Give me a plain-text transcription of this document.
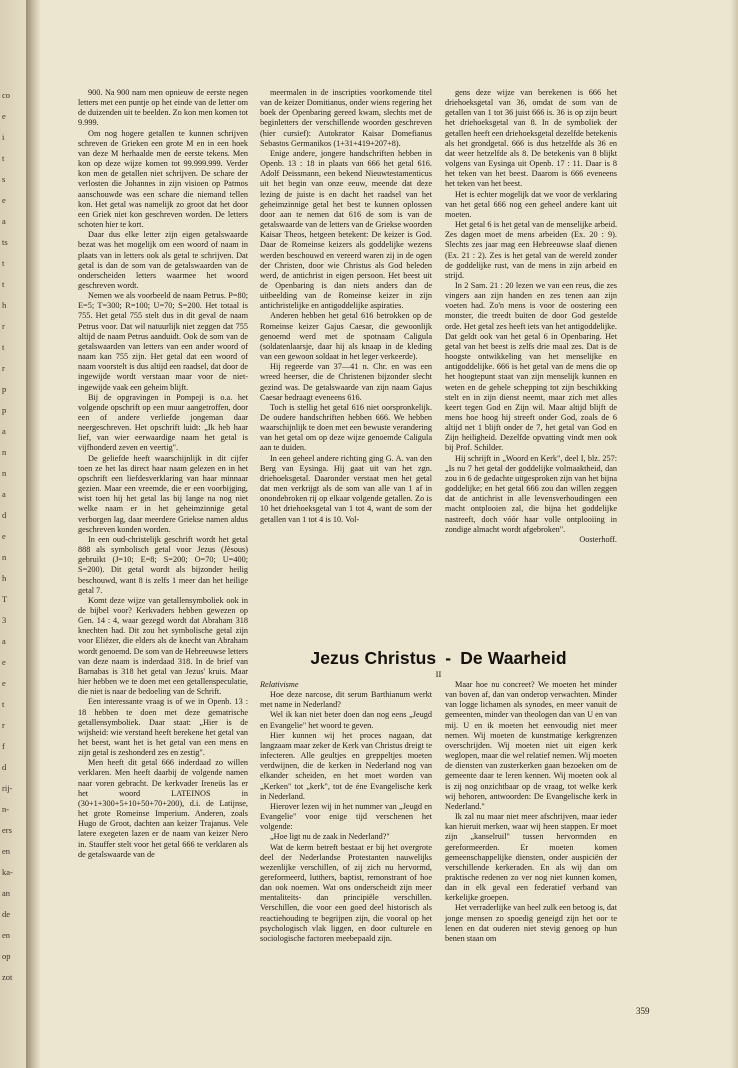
co
e
i
t
s
e
a
ts
t
t
h
r
t
r
p
p
a
n
n
a
d
e
n
h
T
3
a
e
e
t
r
f
d
rij-
n-
ers
en
ka-
an
de
en
op
zot

900. Na 900 nam men opnieuw de eerste negen letters met een puntje op het einde van de letter om de duizenden uit te beelden. Zo kon men komen tot 9.999.

Om nog hogere getallen te kunnen schrijven schreven de Grieken een grote M en in een hoek van deze M herhaalde men de eerste tekens. Men kon op deze wijze komen tot 99.999.999. Verder kon men de getallen niet schrijven. De schare der verlosten die Johannes in zijn visioen op Patmos aanschouwde was een schare die niemand tellen kon. Het getal was namelijk zo groot dat het door een Griek niet kon geschreven worden. De letters schoten hier te kort.

Daar dus elke letter zijn eigen getalswaarde bezat was het mogelijk om een woord of naam in plaats van in letters ook als getal te schrijven. Dat getal is dan de som van de getalswaarden van de onderscheiden letters waarmee het woord geschreven wordt.

Nemen we als voorbeeld de naam Petrus. P=80; E=5; T=300; R=100; U=70; S=200. Het totaal is 755. Het getal 755 stelt dus in dit geval de naam Petrus voor. Dat wil natuurlijk niet zeggen dat 755 altijd de naam Petrus aanduidt. Ook de som van de getalswaarden van letters van een ander woord of naam kan 755 zijn. Het getal dat een woord of naam voorstelt is dus altijd een raadsel, dat door de ingewijde wordt verstaan maar voor de niet-ingewijde vaak een geheim blijft.

Bij de opgravingen in Pompeji is o.a. het volgende opschrift op een muur aangetroffen, door een of andere verliefde jongeman daar neergeschreven. Het opschrift luidt: „Ik heb haar lief, van wier eerwaardige naam het getal is vijfhonderd zeven en veertig".

De geliefde heeft waarschijnlijk in dit cijfer toen ze het las direct haar naam gelezen en in het opschrift een liefdesverklaring van haar minnaar gezien. Maar een vreemde, die er een voorbijging, wist toen hij het getal las bij lange na nog niet welke naam er in het geheimzinnige getal verborgen lag, daar meerdere Griekse namen aldus geschreven konden worden.

In een oud-christelijk geschrift wordt het getal 888 als symbolisch getal voor Jezus (Jèsous) gebruikt (J=10; E=8; S=200; O=70; U=400; S=200). Dit getal wordt als bijzonder heilig beschouwd, want 8 is zelfs 1 meer dan het heilige getal 7.

Komt deze wijze van getallensymboliek ook in de bijbel voor? Kerkvaders hebben gewezen op Gen. 14 : 4, waar gezegd wordt dat Abraham 318 knechten had. Dit zou het symbolische getal zijn voor Eliëzer, die elders als de knecht van Abraham wordt genoemd. De som van de Hebreeuwse letters van deze naam is inderdaad 318. In de brief van Barnabas is 318 het getal van Jezus' kruis. Maar hier hebben we te doen met een getallenspeculatie, die niet is naar de bedoeling van de Schrift.

Een interessante vraag is of we in Openb. 13 : 18 hebben te doen met deze gematrische getallensymboliek. Daar staat: „Hier is de wijsheid: wie verstand heeft berekene het getal van het beest, want het is het getal van een mens en zijn getal is zeshonderd zes en zestig".

Men heeft dit getal 666 inderdaad zo willen verklaren. Men heeft daarbij de volgende namen naar voren gebracht. De kerkvader Ireneüs las er het woord LATEINOS in (30+1+300+5+10+50+70+200), d.i. de Latijnse, het grote Romeinse Imperium. Anderen, zoals Hugo de Groot, dachten aan keizer Trajanus. Vele latere exegeten lazen er de naam van keizer Nero in. Stauffer stelt voor het getal 666 te verklaren als de getalswaarde van de

meermalen in de inscripties voorkomende titel van de keizer Domitianus, onder wiens regering het boek der Openbaring gereed kwam, slechts met de beginletters der verschillende woorden geschreven (hier cursief): Autokrator Kaisar Domefianus Sebastos Germanikos (1+31+419+207+8).

Enige andere, jongere handschriften hebben in Openb. 13 : 18 in plaats van 666 het getal 616. Adolf Deissmann, een bekend Nieuwtestamenticus uit het begin van onze eeuw, meende dat deze lezing de juiste is en dacht het raadsel van het geheimzinnige getal het best te kunnen oplossen door aan te nemen dat 616 de som is van de getalswaarde van de letters van de Griekse woorden Kaisar Theos, hetgeen betekent: De keizer is God. Daar de Romeinse keizers als goddelijke wezens werden beschouwd en vereerd waren zij in de ogen der Christen, door wie Christus als God beleden werd, de antichrist in eigen persoon. Het beest uit de Openbaring is dan niets anders dan de uitbeelding van de Romeinse keizer in zijn antichristelijke en antigoddelijke aspiraties.

Anderen hebben het getal 616 betrokken op de Romeinse keizer Gajus Caesar, die gewoonlijk genoemd werd met de spotnaam Caligula (soldatenlaarsje, daar hij als knaap in de kleding van een gewoon soldaat in het leger verkeerde).

Hij regeerde van 37—41 n. Chr. en was een wreed heerser, die de Christenen bijzonder slecht gezind was. De getalswaarde van zijn naam Gajus Caesar bedraagt eveneens 616.

Toch is stellig het getal 616 niet oorspronkelijk. De oudere handschriften hebben 666. We hebben waarschijnlijk te doen met een bewuste verandering van het getal om op deze wijze genoemde Caligula aan te duiden.

In een geheel andere richting ging G. A. van den Berg van Eysinga. Hij gaat uit van het zgn. driehoeksgetal. Daaronder verstaat men het getal dat men verkrijgt als de som van alle van 1 af in onondebroken rij op elkaar volgende getallen. Zo is 10 het driehoeksgetal van 1 tot 4, want de som der getallen van 1 tot 4 is 10. Vol-

gens deze wijze van berekenen is 666 het driehoeksgetal van 36, omdat de som van de getallen van 1 tot 36 juist 666 is. 36 is op zijn beurt het driehoeksgetal van 8. In de symboliek der getallen heeft een driehoeksgetal dezelfde betekenis als het grondgetal. 666 is dus hetzelfde als 36 en dat weer hetzelfde als 8. De betekenis van 8 blijkt volgens van Eysinga uit Openb. 17 : 11. Daar is 8 het teken van het beest. Daarom is 666 eveneens het teken van het beest.

Het is echter mogelijk dat we voor de verklaring van het getal 666 nog een geheel andere kant uit moeten.

Het getal 6 is het getal van de menselijke arbeid. Zes dagen moet de mens arbeiden (Ex. 20 : 9). Slechts zes jaar mag een Hebreeuwse slaaf dienen (Ex. 21 : 2). Zes is het getal van de wereld zonder de goddelijke rust, van de mens in zijn arbeid en strijd.

In 2 Sam. 21 : 20 lezen we van een reus, die zes vingers aan zijn handen en zes tenen aan zijn voeten had. Zo'n mens is voor de oostering een monster, die treedt buiten de door God gestelde orde. Het getal zes heeft iets van het antigoddelijke. Dat geldt ook van het getal 6 in Openbaring. Het getal van het beest is zelfs drie maal zes. Dat is de hoogste ontwikkeling van het menselijke en antigoddelijke. 666 is het getal van de mens die op het hoogtepunt staat van zijn menselijk kunnen en weten en de gehele schepping tot zijn beschikking stelt en in zijn dienst neemt, maar zich met alles keert tegen God en Zijn wil. Maar altijd blijft de mens hoe hoog hij streeft onder God, zoals de 6 altijd net 1 blijft onder de 7, het getal van God en Zijn heiligheid. Dezelfde opvatting vindt men ook bij Prof. Schilder.

Hij schrijft in „Woord en Kerk", deel I, blz. 257: „Is nu 7 het getal der goddelijke volmaaktheid, dan zou in 6 de gedachte uitgesproken zijn van het bijna goddelijke; en het getal 666 zou dan willen zeggen dat de antichrist in alle levensverhoudingen een macht ontplooien zal, die bijna het goddelijke nastreeft, doch vóór haar volle ontplooiing in zondige almacht wordt afgebroken".

Oosterhoff.

Jezus Christus - De Waarheid
II

Relativisme

Hoe deze narcose, dit serum Barthianum werkt met name in Nederland?

Wel ik kan niet beter doen dan nog eens „Jeugd en Evangelie" het woord te geven.

Hier kunnen wij het proces nagaan, dat langzaam maar zeker de Kerk van Christus dreigt te infecteren. Alle geultjes en greppeltjes moeten verdwijnen, die de kerken in Nederland nog van elkander scheiden, en het moet worden van „Kerken" tot „kerk", tot de éne Evangelische kerk in Nederland.

Hierover lezen wij in het nummer van „Jeugd en Evangelie" voor enige tijd verschenen het volgende:

„Hoe ligt nu de zaak in Nederland?"

Wat de kerm betreft bestaat er bij het overgrote deel der Nederlandse Protestanten nauwelijks wezenlijke verschillen, of zij zich nu hervormd, gereformeerd, lutthers, baptist, remonstrant of hoe dan ook noemen. Wat ons onderscheidt zijn meer mentaliteits- dan principiële verschillen. Verschillen, die voor een goed deel historisch als reactiehouding te begrijpen zijn, die vooral op het psychologisch vlak liggen, en door culturele en sociologische factoren meebepaald zijn.

Maar hoe nu concreet? We moeten het minder van boven af, dan van onderop verwachten. Minder van logge lichamen als synodes, en meer vanuit de gemeenten, minder van theologen dan van U en van mij. U en ik moeten het eenvoudig niet meer nemen. Wij moeten de kunstmatige kerkgrenzen overschrijden. Wij moeten niet uit eigen kerk weglopen, maar die wel relatief nemen. Wij moeten de diensten van zusterkerken gaan bezoeken om de gemeente daar te leren kennen. Wij moeten ook al is zij nog onzichtbaar op de vraag, tot welke kerk wij behoren, antwoorden: De Evangelische kerk in Nederland."

Ik zal nu maar niet meer afschrijven, maar ieder kan hieruit merken, waar wij heen stappen. Er moet zijn „kanselruil" tussen hervormden en gereformeerden. Er moeten komen gemeenschappelijke diensten, onder auspiciën der verschillende kerkeraden. En als wij dan om praktische redenen zo ver nog niet kunnen komen, dan in elk geval een federatief verband van kerkelijke groepen.

Het verraderlijke van heel zulk een betoog is, dat jonge mensen zo spoedig geneigd zijn het oor te lenen en dat ouderen niet stevig genoeg op hun benen staan om

359
